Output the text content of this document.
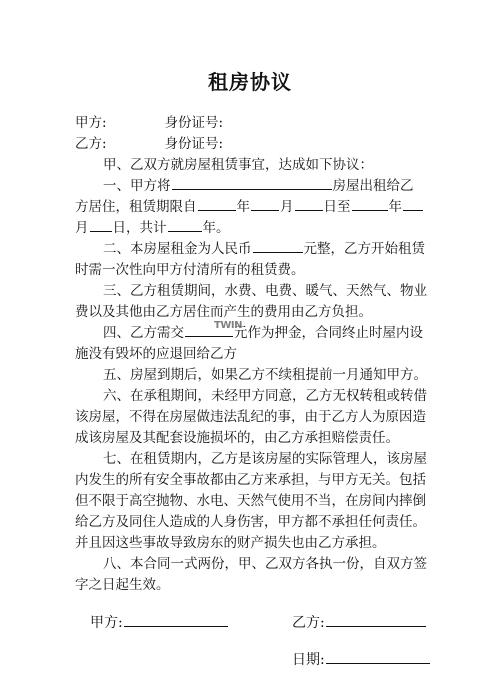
租房协议
甲方:	身份证号:
乙方:	身份证号:
甲、乙双方就房屋租赁事宜，达成如下协议：
一、甲方将	房屋出租给乙
方居住，租赁期限自	年 月 日至	年
月 日，共计	年。
二、本房屋租金为人民币	元整，乙方开始租赁
时需一次性向甲方付清所有的租赁费。
三、乙方租赁期间，水费、电费、暖气、天然气、物业
费以及其他由乙方居住而产生的费用由乙方负担。
四、乙方需交	元作为押金，合同终止时屋内设
施没有毁坏的应退回给乙方
五、房屋到期后，如果乙方不续租提前一月通知甲方。
六、在承租期间，未经甲方同意，乙方无权转租或转借
该房屋，不得在房屋做违法乱纪的事，由于乙方人为原因造
成该房屋及其配套设施损坏的，由乙方承担赔偿责任。
七、在租赁期内，乙方是该房屋的实际管理人，该房屋
内发生的所有安全事故都由乙方来承担，与甲方无关。包括
但不限于高空抛物、水电、天然气使用不当，在房间内摔倒
给乙方及同住人造成的人身伤害，甲方都不承担任何责任。
并且因这些事故导致房东的财产损失也由乙方承担。
八、本合同一式两份，甲、乙双方各执一份，自双方签
字之日起生效。
TWIN
甲方:	乙方:
日期:
